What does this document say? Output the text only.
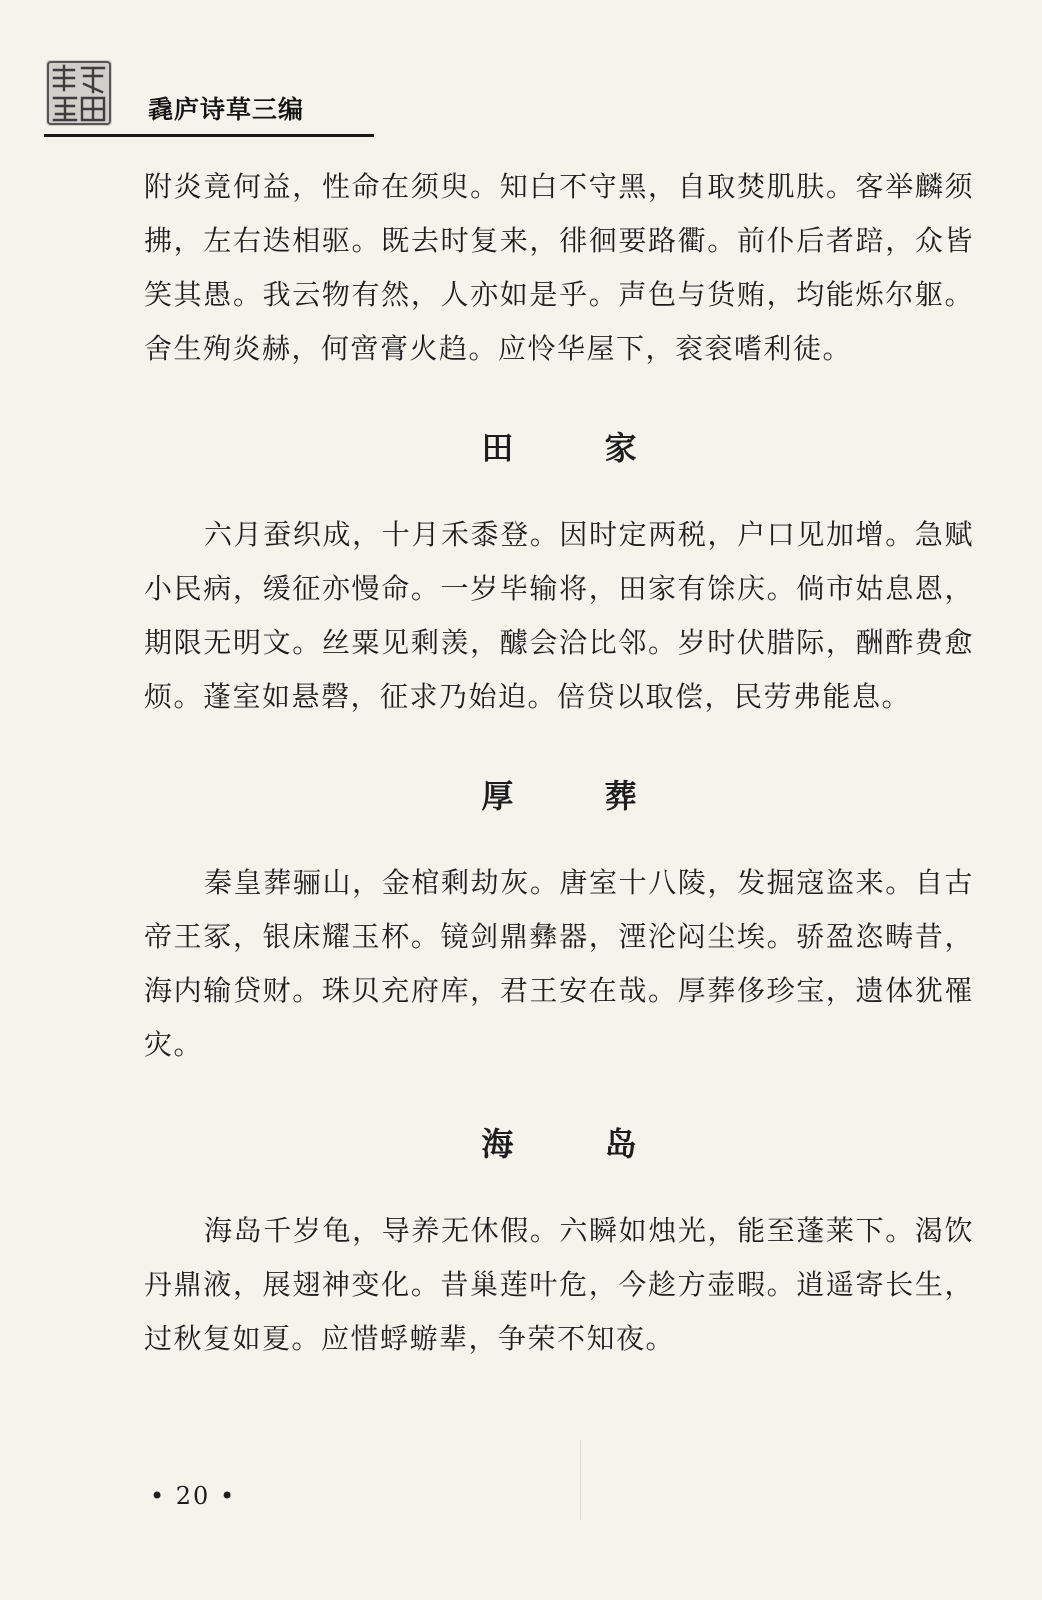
毳庐诗草三编

附炎竟何益，性命在须臾。知白不守黑，自取焚肌肤。客举麟须拂，左右迭相驱。既去时复来，徘徊要路衢。前仆后者踣，众皆笑其愚。我云物有然，人亦如是乎。声色与货贿，均能烁尔躯。舍生殉炎赫，何啻膏火趋。应怜华屋下，衮衮嗜利徒。

田 家

六月蚕织成，十月禾黍登。因时定两税，户口见加增。急赋小民病，缓征亦慢命。一岁毕输将，田家有馀庆。倘市姑息恩，期限无明文。丝粟见剩羡，醵会洽比邻。岁时伏腊际，酬酢费愈烦。蓬室如悬磬，征求乃始迫。倍贷以取偿，民劳弗能息。

厚 葬

秦皇葬骊山，金棺剩劫灰。唐室十八陵，发掘寇盗来。自古帝王冢，银床耀玉杯。镜剑鼎彝器，湮沦闷尘埃。骄盈恣畴昔，海内输贷财。珠贝充府库，君王安在哉。厚葬侈珍宝，遗体犹罹灾。

海 岛

海岛千岁龟，导养无休假。六瞬如烛光，能至蓬莱下。渴饮丹鼎液，展翅神变化。昔巢莲叶危，今趁方壶暇。逍遥寄长生，过秋复如夏。应惜蜉蝣辈，争荣不知夜。

• 20 •
